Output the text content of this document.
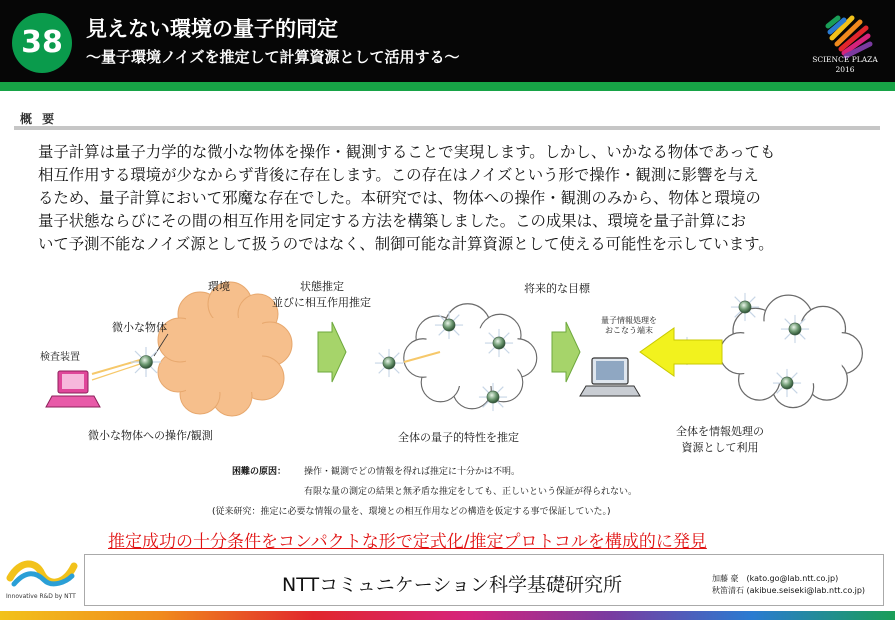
38	見えない環境の量子的同定
〜量子環境ノイズを推定して計算資源として活用する〜	SCIENCE PLAZA
2016
概 要
量子計算は量子力学的な微小な物体を操作・観測することで実現します。しかし、いかなる物体であっても
相互作用する環境が少なからず背後に存在します。この存在はノイズという形で操作・観測に影響を与え
るため、量子計算において邪魔な存在でした。本研究では、物体への操作・観測のみから、物体と環境の
量子状態ならびにその間の相互作用を同定する方法を構築しました。この成果は、環境を量子計算にお
いて予測不能なノイズ源として扱うのではなく、制御可能な計算資源として使える可能性を示しています。
環境
微小な物体
検査装置
微小な物体への操作/観測
状態推定
並びに相互作用推定
全体の量子的特性を推定
将来的な目標
量子情報処理を
おこなう端末
全体を情報処理の
資源として利用
困難の原因： 操作・観測でどの情報を得れば推定に十分かは不明。
有限な量の測定の結果と無矛盾な推定をしても、正しいという保証が得られない。
(従来研究：推定に必要な情報の量を、環境との相互作用などの構造を仮定する事で保証していた。)
推定成功の十分条件をコンパクトな形で定式化/推定プロトコルを構成的に発見
Innovative R&D by NTT
NTTコミュニケーション科学基礎研究所	加藤 豪　(kato.go@lab.ntt.co.jp)
秋笛清石 (akibue.seiseki@lab.ntt.co.jp)
